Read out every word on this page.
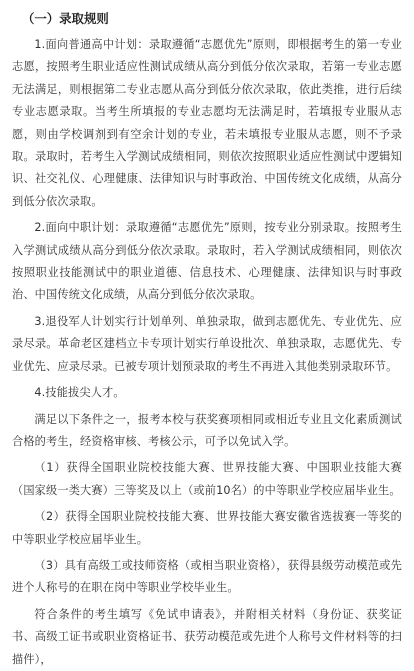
（一）录取规则

1.面向普通高中计划：录取遵循“志愿优先”原则，即根据考生的第一专业志愿，按照考生职业适应性测试成绩从高分到低分依次录取，若第一专业志愿无法满足，则根据第二专业志愿从高分到低分依次录取，依此类推，进行后续专业志愿录取。当考生所填报的专业志愿均无法满足时，若填报专业服从志愿，则由学校调剂到有空余计划的专业，若未填报专业服从志愿，则不予录取。录取时，若考生入学测试成绩相同，则依次按照职业适应性测试中逻辑知识、社交礼仪、心理健康、法律知识与时事政治、中国传统文化成绩，从高分到低分依次录取。

2.面向中职计划：录取遵循“志愿优先”原则，按专业分别录取。按照考生入学测试成绩从高分到低分依次录取。录取时，若入学测试成绩相同，则依次按照职业技能测试中的职业道德、信息技术、心理健康、法律知识与时事政治、中国传统文化成绩，从高分到低分依次录取。

3.退役军人计划实行计划单列、单独录取，做到志愿优先、专业优先、应录尽录。革命老区建档立卡专项计划实行单设批次、单独录取，志愿优先、专业优先、应录尽录。已被专项计划预录取的考生不再进入其他类别录取环节。

4.技能拔尖人才。

满足以下条件之一，报考本校与获奖赛项相同或相近专业且文化素质测试合格的考生，经资格审核、考核公示，可予以免试入学。

（1）获得全国职业院校技能大赛、世界技能大赛、中国职业技能大赛（国家级一类大赛）三等奖及以上（或前10名）的中等职业学校应届毕业生。

（2）获得全国职业院校技能大赛、世界技能大赛安徽省选拔赛一等奖的中等职业学校应届毕业生。

（3）具有高级工或技师资格（或相当职业资格），获得县级劳动模范或先进个人称号的在职在岗中等职业学校毕业生。

符合条件的考生填写《免试申请表》，并附相关材料（身份证、获奖证书、高级工证书或职业资格证书、获劳动模范或先进个人称号文件材料等的扫描件），
